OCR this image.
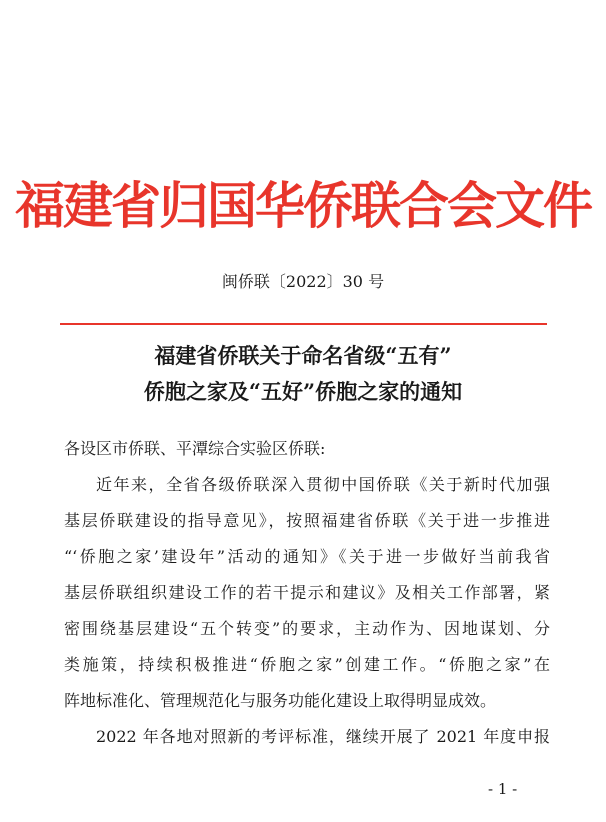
福建省归国华侨联合会文件
闽侨联〔2022〕30 号
福建省侨联关于命名省级“五有”
侨胞之家及“五好”侨胞之家的通知
各设区市侨联、平潭综合实验区侨联:
近年来，全省各级侨联深入贯彻中国侨联《关于新时代加强
基层侨联建设的指导意见》，按照福建省侨联《关于进一步推进
“‘侨胞之家’建设年”活动的通知》《关于进一步做好当前我省
基层侨联组织建设工作的若干提示和建议》及相关工作部署，紧
密围绕基层建设“五个转变”的要求，主动作为、因地谋划、分
类施策，持续积极推进“侨胞之家”创建工作。“侨胞之家”在
阵地标准化、管理规范化与服务功能化建设上取得明显成效。
2022 年各地对照新的考评标准，继续开展了 2021 年度申报
- 1 -
